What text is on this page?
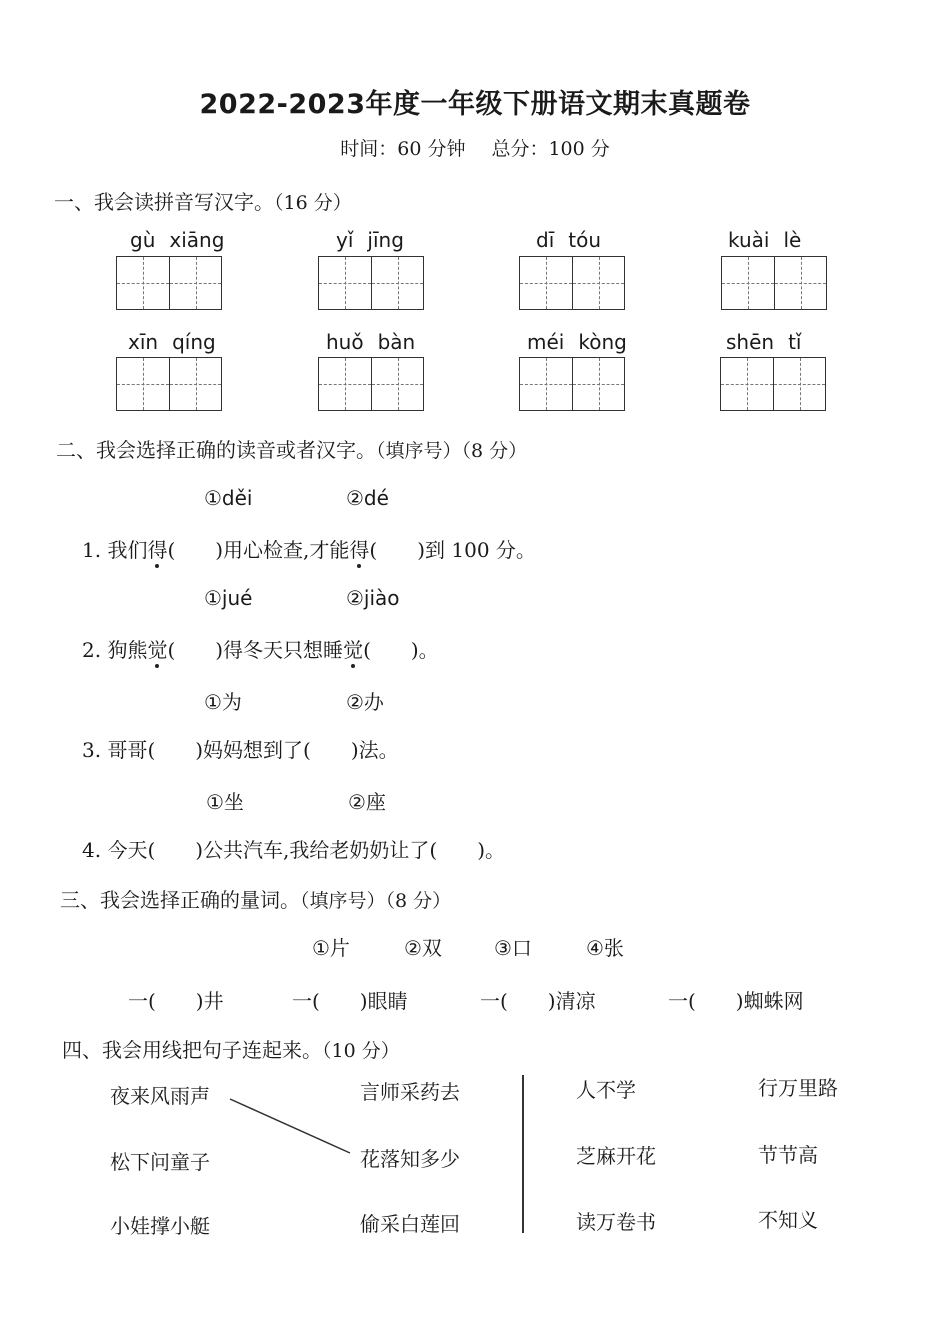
2022-2023年度一年级下册语文期末真题卷
时间：60 分钟 总分：100 分
一、我会读拼音写汉字。（16 分）
gù xiāng	yǐ jīng	dī tóu	kuài lè
xīn qíng	huǒ bàn	méi kòng	shēn tǐ
二、我会选择正确的读音或者汉字。（填序号）（8 分）
①děi	②dé
1. 我们得(　　)用心检查,才能得(　　)到 100 分。
①jué	②jiào
2. 狗熊觉(　　)得冬天只想睡觉(　　)。
①为	②办
3. 哥哥(　　)妈妈想到了(　　)法。
①坐	②座
4. 今天(　　)公共汽车,我给老奶奶让了(　　)。
三、我会选择正确的量词。（填序号）（8 分）
①片	②双	③口	④张
一(　　)井	一(　　)眼睛	一(　　)清凉	一(　　)蜘蛛网
四、我会用线把句子连起来。（10 分）
夜来风雨声
松下问童子
小娃撑小艇
言师采药去
花落知多少
偷采白莲回
人不学
芝麻开花
读万卷书
行万里路
节节高
不知义
